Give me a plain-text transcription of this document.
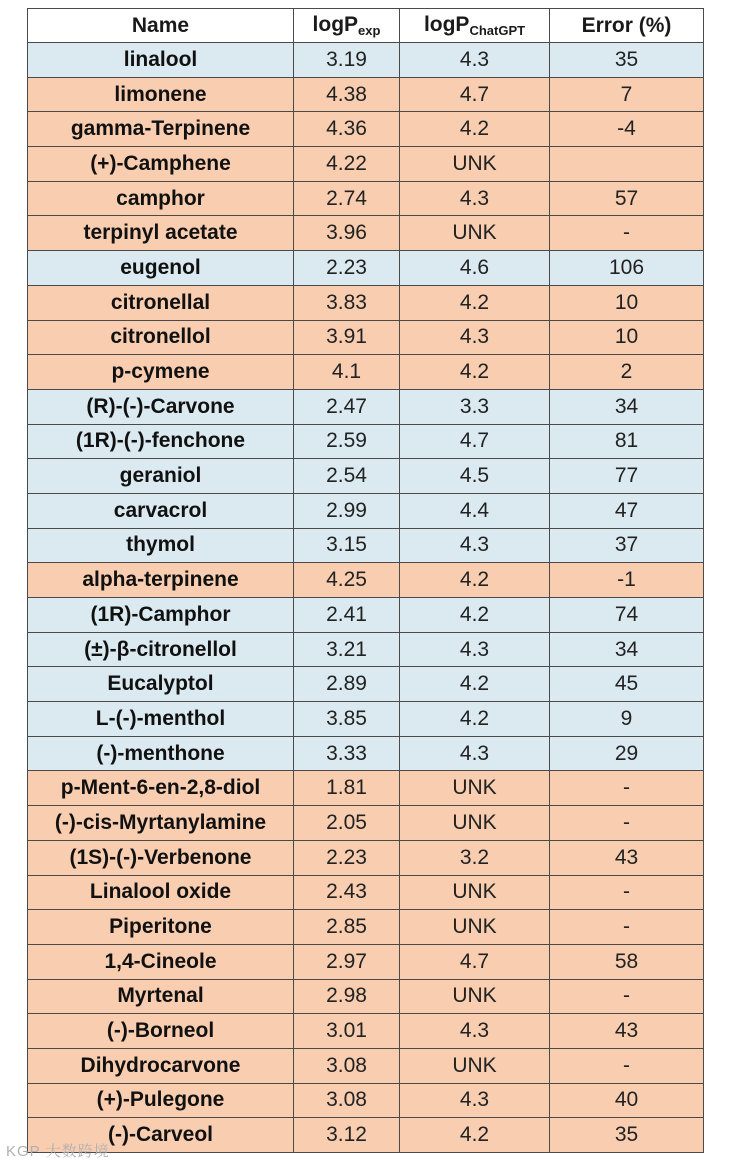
Name	logP$_{exp}$	logP$_{ChatGPT}$	Error (%)
linalool	3.19	4.3	35
limonene	4.38	4.7	7
gamma-Terpinene	4.36	4.2	-4
(+)-Camphene	4.22	UNK	
camphor	2.74	4.3	57
terpinyl acetate	3.96	UNK	-
eugenol	2.23	4.6	106
citronellal	3.83	4.2	10
citronellol	3.91	4.3	10
p-cymene	4.1	4.2	2
(R)-(-)-Carvone	2.47	3.3	34
(1R)-(-)-fenchone	2.59	4.7	81
geraniol	2.54	4.5	77
carvacrol	2.99	4.4	47
thymol	3.15	4.3	37
alpha-terpinene	4.25	4.2	-1
(1R)-Camphor	2.41	4.2	74
(±)-β-citronellol	3.21	4.3	34
Eucalyptol	2.89	4.2	45
L-(-)-menthol	3.85	4.2	9
(-)-menthone	3.33	4.3	29
p-Ment-6-en-2,8-diol	1.81	UNK	-
(-)-cis-Myrtanylamine	2.05	UNK	-
(1S)-(-)-Verbenone	2.23	3.2	43
Linalool oxide	2.43	UNK	-
Piperitone	2.85	UNK	-
1,4-Cineole	2.97	4.7	58
Myrtenal	2.98	UNK	-
(-)-Borneol	3.01	4.3	43
Dihydrocarvone	3.08	UNK	-
(+)-Pulegone	3.08	4.3	40
(-)-Carveol	3.12	4.2	35
KGP 大数跨境
